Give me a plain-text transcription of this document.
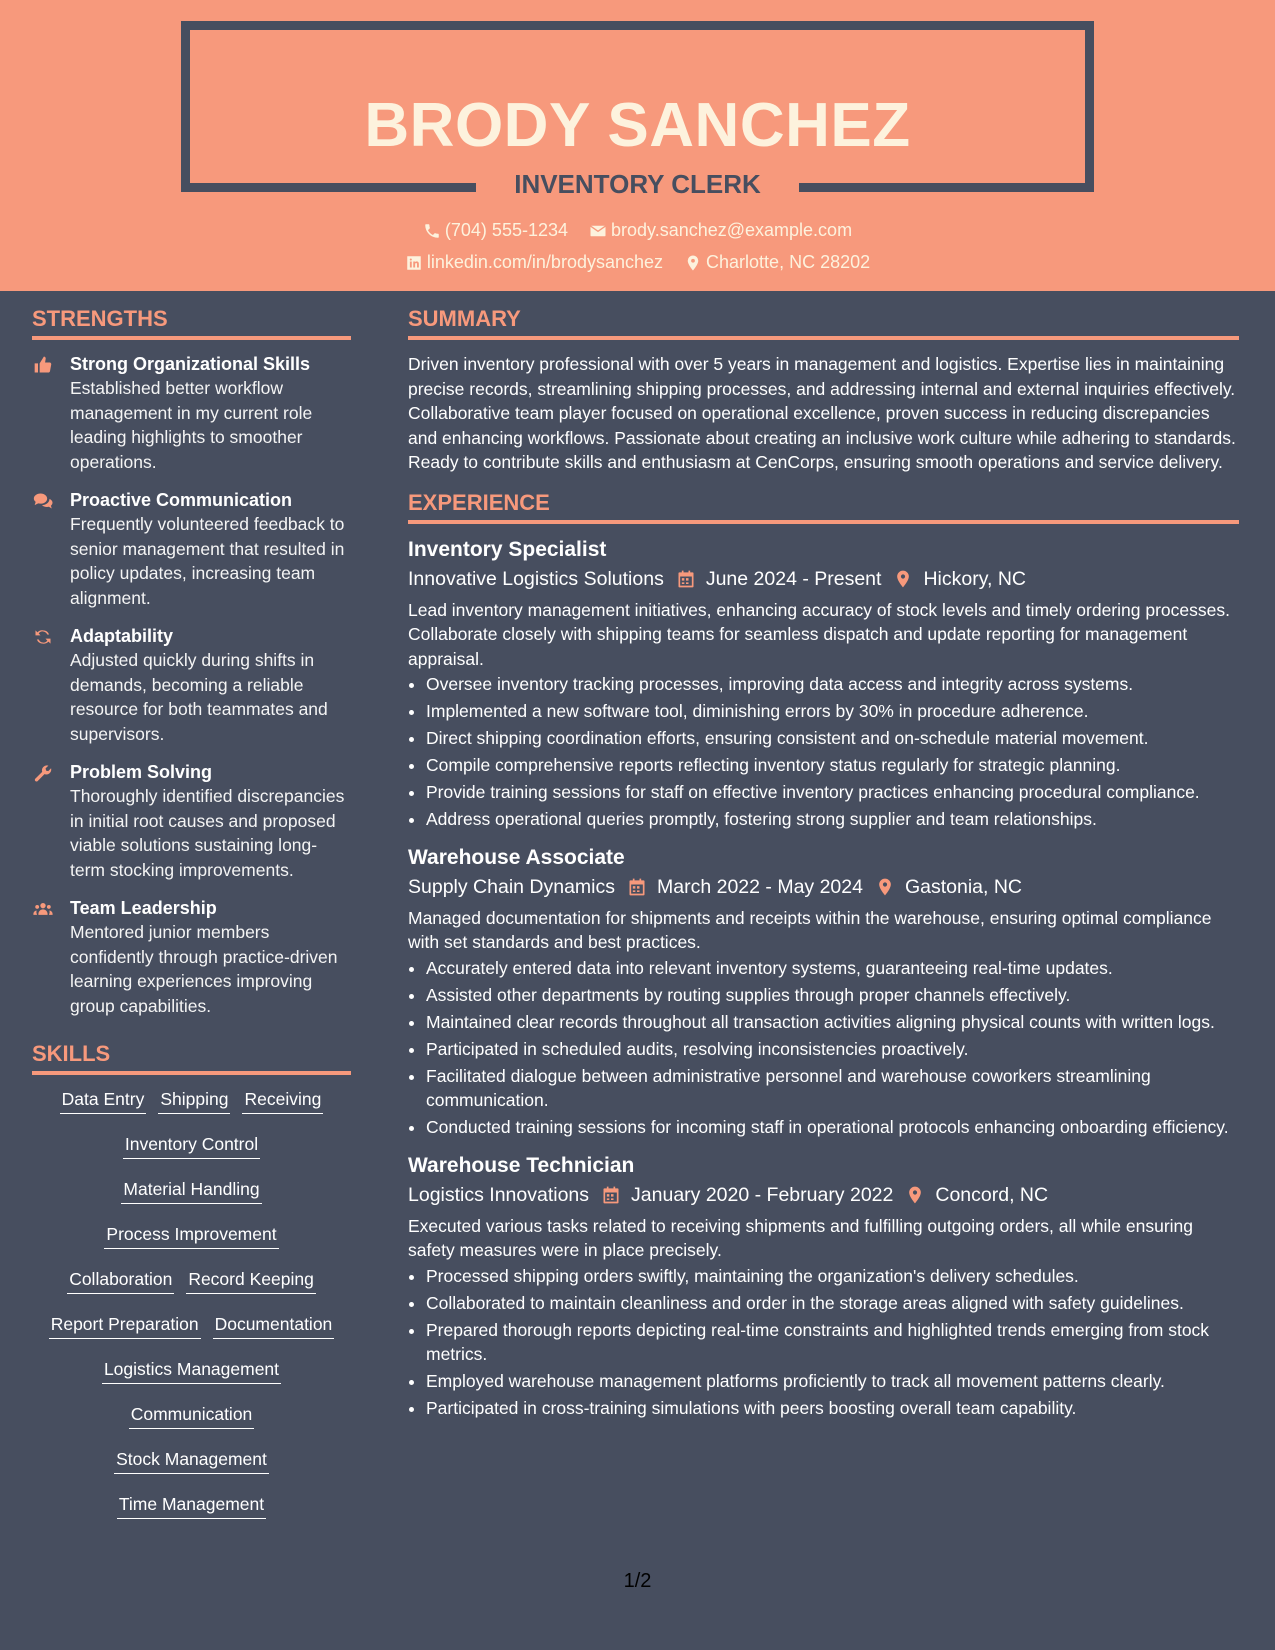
BRODY SANCHEZ
INVENTORY CLERK
(704) 555-1234
brody.sanchez@example.com
linkedin.com/in/brodysanchez
Charlotte, NC 28202
STRENGTHS
Strong Organizational Skills
Established better workflow management in my current role leading highlights to smoother operations.
Proactive Communication
Frequently volunteered feedback to senior management that resulted in policy updates, increasing team alignment.
Adaptability
Adjusted quickly during shifts in demands, becoming a reliable resource for both teammates and supervisors.
Problem Solving
Thoroughly identified discrepancies in initial root causes and proposed viable solutions sustaining long-term stocking improvements.
Team Leadership
Mentored junior members confidently through practice-driven learning experiences improving group capabilities.
SKILLS
Data Entry Shipping Receiving
Inventory Control
Material Handling
Process Improvement
Collaboration Record Keeping
Report Preparation Documentation
Logistics Management
Communication
Stock Management
Time Management
SUMMARY
Driven inventory professional with over 5 years in management and logistics. Expertise lies in maintaining precise records, streamlining shipping processes, and addressing internal and external inquiries effectively. Collaborative team player focused on operational excellence, proven success in reducing discrepancies and enhancing workflows. Passionate about creating an inclusive work culture while adhering to standards. Ready to contribute skills and enthusiasm at CenCorps, ensuring smooth operations and service delivery.
EXPERIENCE
Inventory Specialist
Innovative Logistics Solutions June 2024 - Present Hickory, NC
Lead inventory management initiatives, enhancing accuracy of stock levels and timely ordering processes. Collaborate closely with shipping teams for seamless dispatch and update reporting for management appraisal.
• Oversee inventory tracking processes, improving data access and integrity across systems.
• Implemented a new software tool, diminishing errors by 30% in procedure adherence.
• Direct shipping coordination efforts, ensuring consistent and on-schedule material movement.
• Compile comprehensive reports reflecting inventory status regularly for strategic planning.
• Provide training sessions for staff on effective inventory practices enhancing procedural compliance.
• Address operational queries promptly, fostering strong supplier and team relationships.
Warehouse Associate
Supply Chain Dynamics March 2022 - May 2024 Gastonia, NC
Managed documentation for shipments and receipts within the warehouse, ensuring optimal compliance with set standards and best practices.
• Accurately entered data into relevant inventory systems, guaranteeing real-time updates.
• Assisted other departments by routing supplies through proper channels effectively.
• Maintained clear records throughout all transaction activities aligning physical counts with written logs.
• Participated in scheduled audits, resolving inconsistencies proactively.
• Facilitated dialogue between administrative personnel and warehouse coworkers streamlining communication.
• Conducted training sessions for incoming staff in operational protocols enhancing onboarding efficiency.
Warehouse Technician
Logistics Innovations January 2020 - February 2022 Concord, NC
Executed various tasks related to receiving shipments and fulfilling outgoing orders, all while ensuring safety measures were in place precisely.
• Processed shipping orders swiftly, maintaining the organization's delivery schedules.
• Collaborated to maintain cleanliness and order in the storage areas aligned with safety guidelines.
• Prepared thorough reports depicting real-time constraints and highlighted trends emerging from stock metrics.
• Employed warehouse management platforms proficiently to track all movement patterns clearly.
• Participated in cross-training simulations with peers boosting overall team capability.
1/2
